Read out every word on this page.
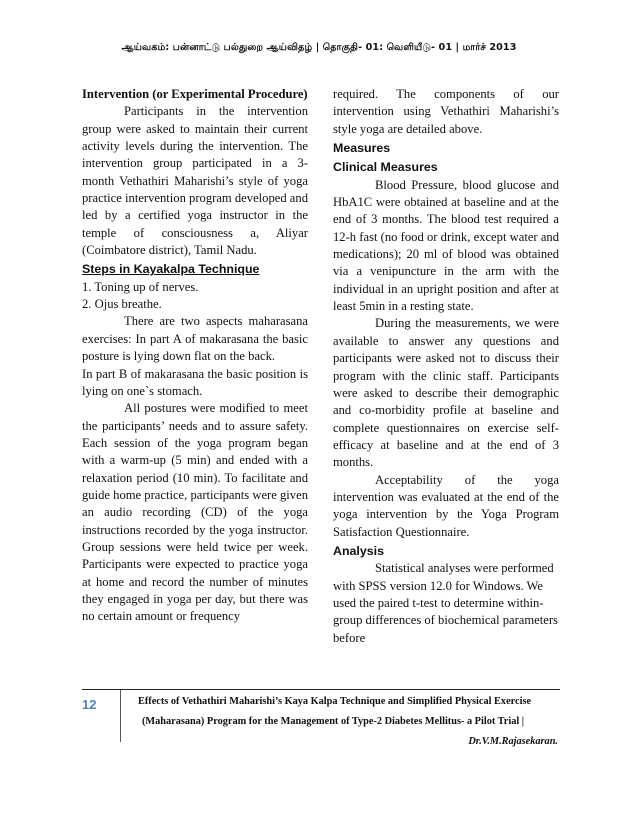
ஆய்வகம்: பன்னாட்டு பல்துறை ஆய்விதழ் | தொகுதி- 01: வெளியீடு- 01 | மார்ச் 2013

Intervention (or Experimental Procedure)

Participants in the intervention group were asked to maintain their current activity levels during the intervention. The intervention group participated in a 3- month Vethathiri Maharishi’s style of yoga practice intervention program developed and led by a certified yoga instructor in the temple of consciousness a, Aliyar (Coimbatore district), Tamil Nadu.

Steps in Kayakalpa Technique

1. Toning up of nerves.

2. Ojus breathe.

There are two aspects maharasana exercises: In part A of makarasana the basic posture is lying down flat on the back.

In part B of makarasana the basic position is lying on one`s stomach.

All postures were modified to meet the participants’ needs and to assure safety. Each session of the yoga program began with a warm-up (5 min) and ended with a relaxation period (10 min). To facilitate and guide home practice, participants were given an audio recording (CD) of the yoga instructions recorded by the yoga instructor. Group sessions were held twice per week. Participants were expected to practice yoga at home and record the number of minutes they engaged in yoga per day, but there was no certain amount or frequency

required. The components of our intervention using Vethathiri Maharishi’s style yoga are detailed above.

Measures

Clinical Measures

Blood Pressure, blood glucose and HbA1C were obtained at baseline and at the end of 3 months. The blood test required a 12-h fast (no food or drink, except water and medications); 20 ml of blood was obtained via a venipuncture in the arm with the individual in an upright position and after at least 5min in a resting state.

During the measurements, we were available to answer any questions and participants were asked not to discuss their program with the clinic staff. Participants were asked to describe their demographic and co-morbidity profile at baseline and complete questionnaires on exercise self-efficacy at baseline and at the end of 3 months.

Acceptability of the yoga intervention was evaluated at the end of the yoga intervention by the Yoga Program Satisfaction Questionnaire.

Analysis

Statistical analyses were performed

with SPSS version 12.0 for Windows. We used the paired t-test to determine within-group differences of biochemical parameters before

12	Effects of Vethathiri Maharishi’s Kaya Kalpa Technique and Simplified Physical Exercise
(Maharasana) Program for the Management of Type-2 Diabetes Mellitus- a Pilot Trial |
Dr.V.M.Rajasekaran.
